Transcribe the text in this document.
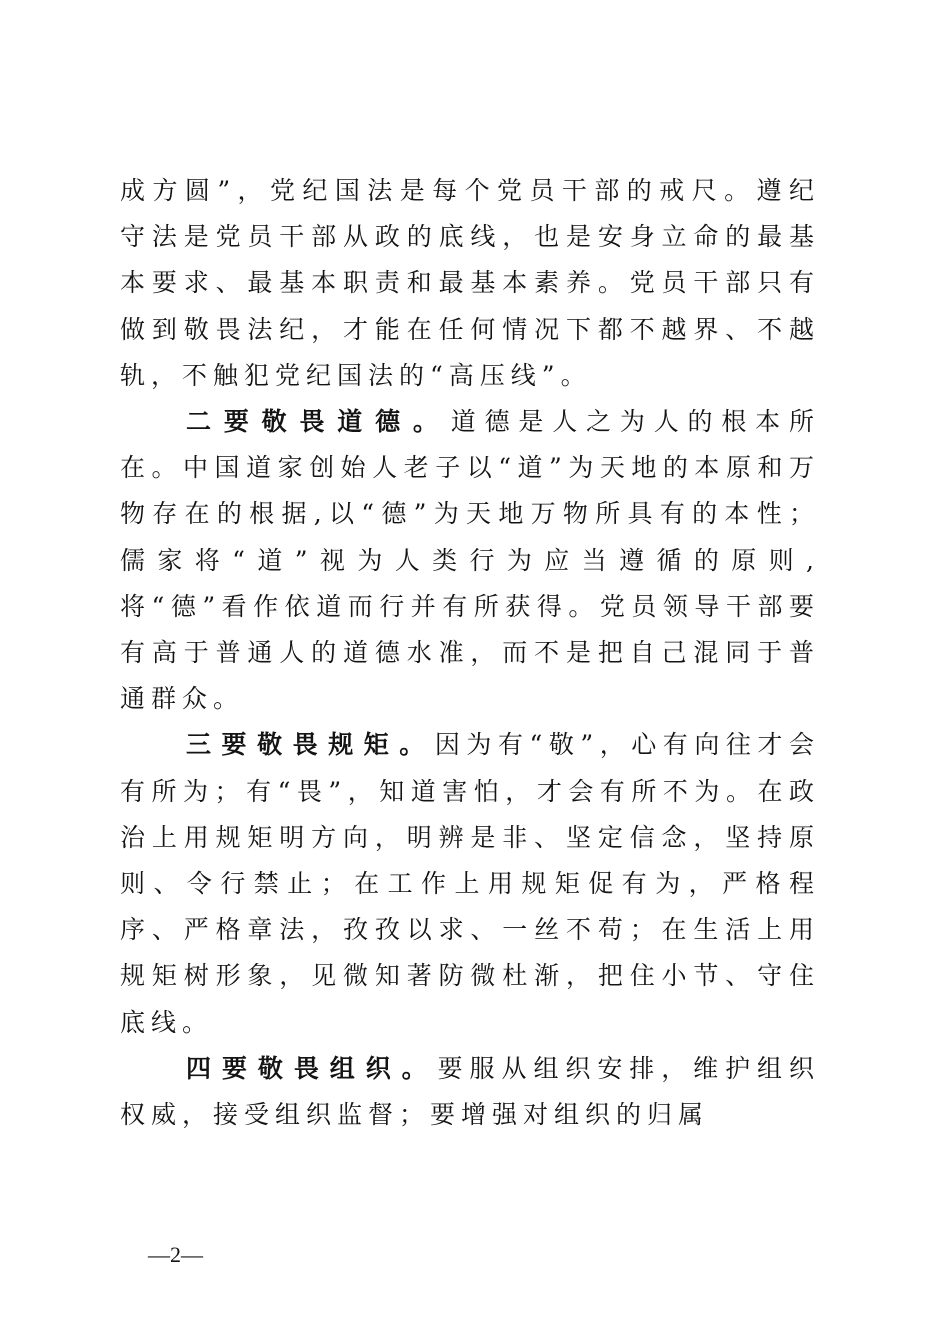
成方圆”，党纪国法是每个党员干部的戒尺。遵纪守法是党员干部从政的底线，也是安身立命的最基本要求、最基本职责和最基本素养。党员干部只有做到敬畏法纪，才能在任何情况下都不越界、不越轨，不触犯党纪国法的“高压线”。

二要敬畏道德。道德是人之为人的根本所在。中国道家创始人老子以“道”为天地的本原和万物存在的根据,以“德”为天地万物所具有的本性；儒家将“道”视为人类行为应当遵循的原则,将“德”看作依道而行并有所获得。党员领导干部要有高于普通人的道德水准，而不是把自己混同于普通群众。

三要敬畏规矩。因为有“敬”，心有向往才会有所为；有“畏”，知道害怕，才会有所不为。在政治上用规矩明方向，明辨是非、坚定信念，坚持原则、令行禁止；在工作上用规矩促有为，严格程序、严格章法，孜孜以求、一丝不苟；在生活上用规矩树形象，见微知著防微杜渐，把住小节、守住底线。

四要敬畏组织。要服从组织安排，维护组织权威，接受组织监督；要增强对组织的归属

—2—
